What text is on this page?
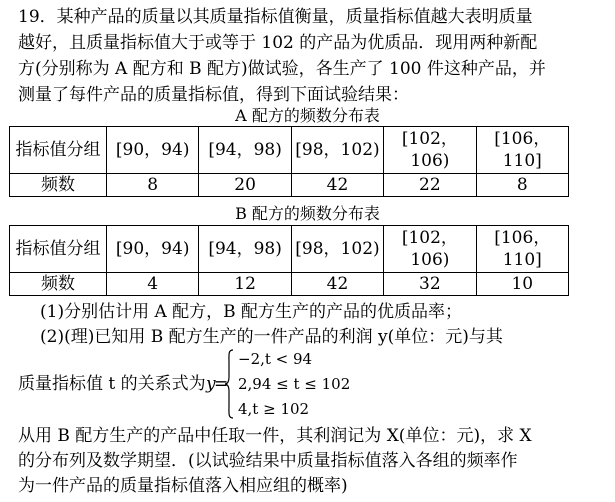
19．某种产品的质量以其质量指标值衡量，质量指标值越大表明质量
越好，且质量指标值大于或等于 102 的产品为优质品．现用两种新配
方(分别称为 A 配方和 B 配方)做试验，各生产了 100 件这种产品，并
测量了每件产品的质量指标值，得到下面试验结果：
A 配方的频数分布表
指标值分组	[90，94)	[94，98)	[98，102)	[102，106)	[106，110]
频数	8	20	42	22	8
B 配方的频数分布表
指标值分组	[90，94)	[94，98)	[98，102)	[102，106)	[106，110]
频数	4	12	42	32	10
(1)分别估计用 A 配方，B 配方生产的产品的优质品率；
(2)(理)已知用 B 配方生产的一件产品的利润 y(单位：元)与其
质量指标值 t 的关系式为 y
=
−2,t < 94
2,94 ≤ t ≤ 102
4,t ≥ 102
从用 B 配方生产的产品中任取一件，其利润记为 X(单位：元)，求 X
的分布列及数学期望．(以试验结果中质量指标值落入各组的频率作
为一件产品的质量指标值落入相应组的概率)
